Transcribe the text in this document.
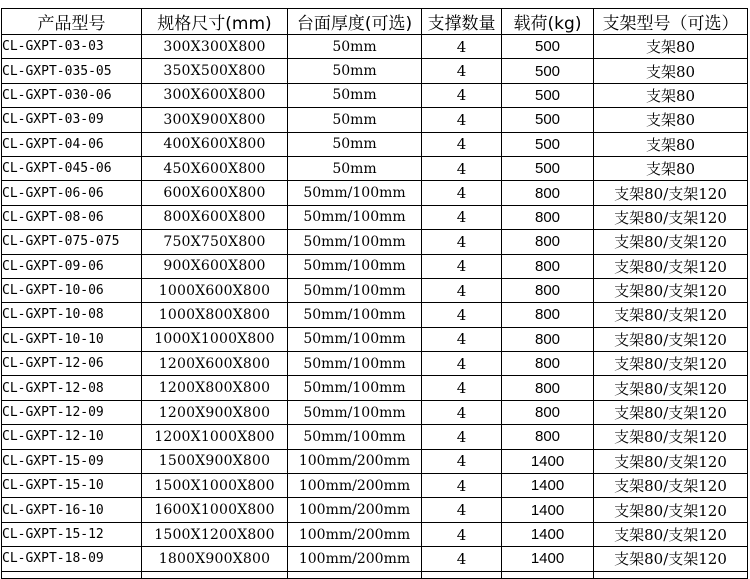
产品型号	规格尺寸(mm)	台面厚度(可选)	支撑数量	载荷(kg)	支架型号（可选）
CL-GXPT-03-03	300X300X800	50mm	4	500	支架80
CL-GXPT-035-05	350X500X800	50mm	4	500	支架80
CL-GXPT-030-06	300X600X800	50mm	4	500	支架80
CL-GXPT-03-09	300X900X800	50mm	4	500	支架80
CL-GXPT-04-06	400X600X800	50mm	4	500	支架80
CL-GXPT-045-06	450X600X800	50mm	4	500	支架80
CL-GXPT-06-06	600X600X800	50mm/100mm	4	800	支架80/支架120
CL-GXPT-08-06	800X600X800	50mm/100mm	4	800	支架80/支架120
CL-GXPT-075-075	750X750X800	50mm/100mm	4	800	支架80/支架120
CL-GXPT-09-06	900X600X800	50mm/100mm	4	800	支架80/支架120
CL-GXPT-10-06	1000X600X800	50mm/100mm	4	800	支架80/支架120
CL-GXPT-10-08	1000X800X800	50mm/100mm	4	800	支架80/支架120
CL-GXPT-10-10	1000X1000X800	50mm/100mm	4	800	支架80/支架120
CL-GXPT-12-06	1200X600X800	50mm/100mm	4	800	支架80/支架120
CL-GXPT-12-08	1200X800X800	50mm/100mm	4	800	支架80/支架120
CL-GXPT-12-09	1200X900X800	50mm/100mm	4	800	支架80/支架120
CL-GXPT-12-10	1200X1000X800	50mm/100mm	4	800	支架80/支架120
CL-GXPT-15-09	1500X900X800	100mm/200mm	4	1400	支架80/支架120
CL-GXPT-15-10	1500X1000X800	100mm/200mm	4	1400	支架80/支架120
CL-GXPT-16-10	1600X1000X800	100mm/200mm	4	1400	支架80/支架120
CL-GXPT-15-12	1500X1200X800	100mm/200mm	4	1400	支架80/支架120
CL-GXPT-18-09	1800X900X800	100mm/200mm	4	1400	支架80/支架120
